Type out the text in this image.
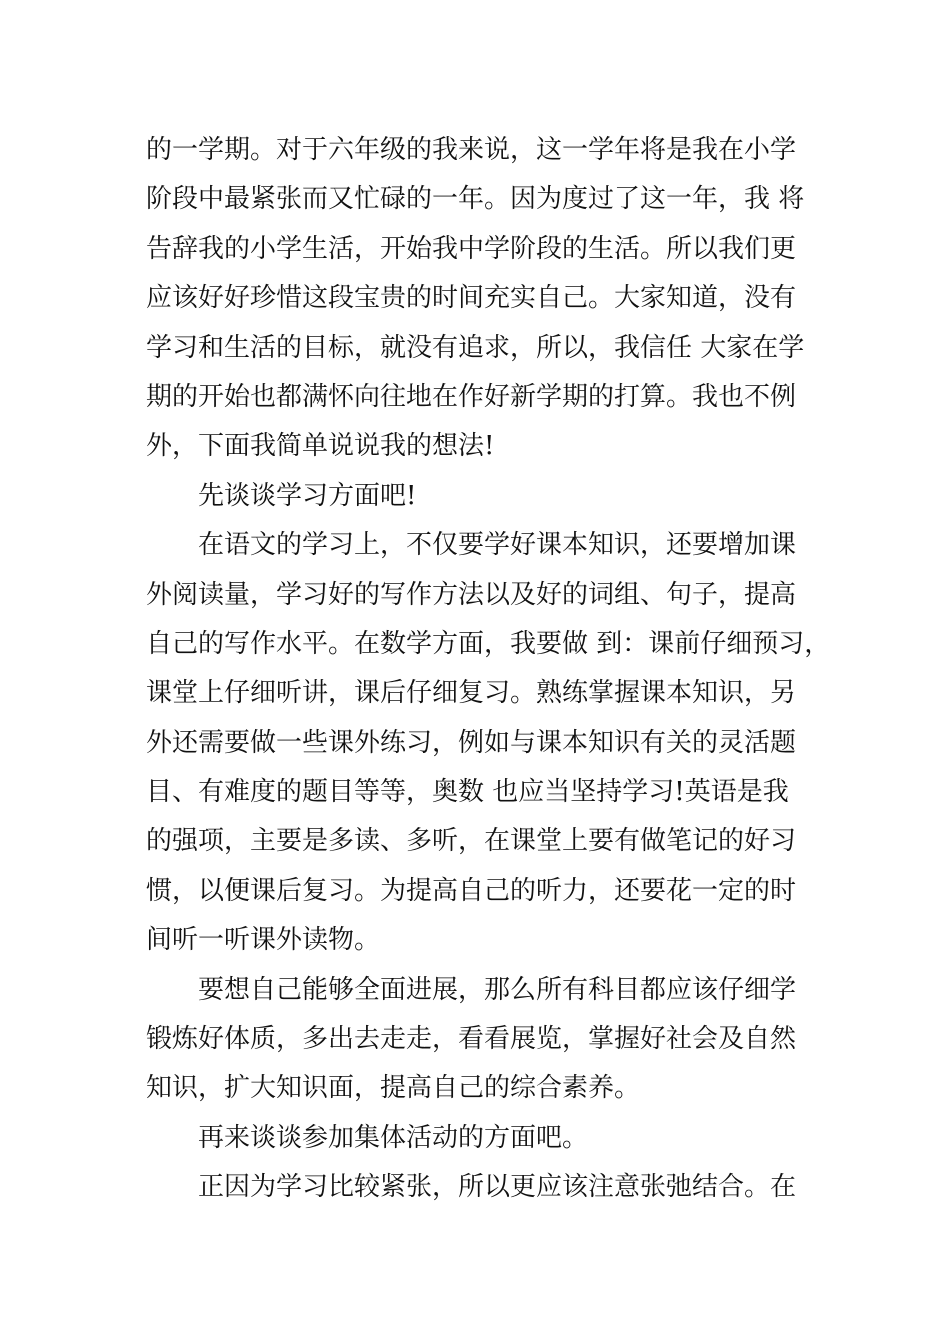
的一学期。对于六年级的我来说，这一学年将是我在小学
阶段中最紧张而又忙碌的一年。因为度过了这一年，我 将
告辞我的小学生活，开始我中学阶段的生活。所以我们更
应该好好珍惜这段宝贵的时间充实自己。大家知道，没有
学习和生活的目标，就没有追求，所以，我信任 大家在学
期的开始也都满怀向往地在作好新学期的打算。我也不例
外，下面我简单说说我的想法!
先谈谈学习方面吧!
在语文的学习上，不仅要学好课本知识，还要增加课
外阅读量，学习好的写作方法以及好的词组、句子，提高
自己的写作水平。在数学方面，我要做 到：课前仔细预习，
课堂上仔细听讲，课后仔细复习。熟练掌握课本知识，另
外还需要做一些课外练习，例如与课本知识有关的灵活题
目、有难度的题目等等，奥数 也应当坚持学习!英语是我
的强项，主要是多读、多听，在课堂上要有做笔记的好习
惯，以便课后复习。为提高自己的听力，还要花一定的时
间听一听课外读物。
要想自己能够全面进展，那么所有科目都应该仔细学
锻炼好体质，多出去走走，看看展览，掌握好社会及自然
知识，扩大知识面，提高自己的综合素养。
再来谈谈参加集体活动的方面吧。
正因为学习比较紧张，所以更应该注意张弛结合。在
